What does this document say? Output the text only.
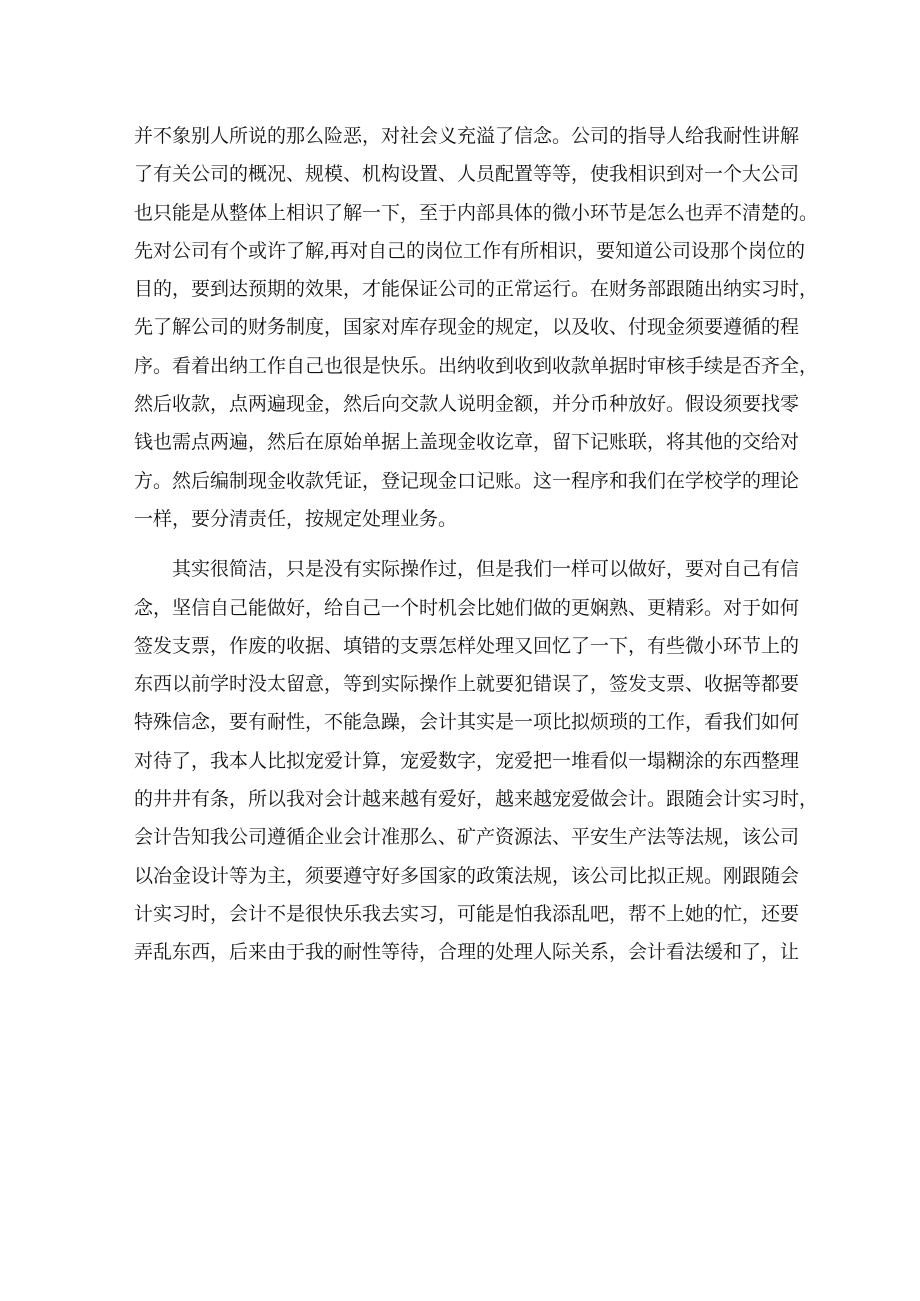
并不象别人所说的那么险恶，对社会义充溢了信念。公司的指导人给我耐性讲解
了有关公司的概况、规模、机构设置、人员配置等等，使我相识到对一个大公司
也只能是从整体上相识了解一下，至于内部具体的微小环节是怎么也弄不清楚的。
先对公司有个或许了解,再对自己的岗位工作有所相识，要知道公司设那个岗位的
目的，要到达预期的效果，才能保证公司的正常运行。在财务部跟随出纳实习时，
先了解公司的财务制度，国家对库存现金的规定，以及收、付现金须要遵循的程
序。看着出纳工作自己也很是快乐。出纳收到收到收款单据时审核手续是否齐全，
然后收款，点两遍现金，然后向交款人说明金额，并分币种放好。假设须要找零
钱也需点两遍，然后在原始单据上盖现金收讫章，留下记账联，将其他的交给对
方。然后编制现金收款凭证，登记现金口记账。这一程序和我们在学校学的理论
一样，要分清责任，按规定处理业务。
其实很简洁，只是没有实际操作过，但是我们一样可以做好，要对自己有信
念，坚信自己能做好，给自己一个时机会比她们做的更娴熟、更精彩。对于如何
签发支票，作废的收据、填错的支票怎样处理又回忆了一下，有些微小环节上的
东西以前学时没太留意，等到实际操作上就要犯错误了，签发支票、收据等都要
特殊信念，要有耐性，不能急躁，会计其实是一项比拟烦琐的工作，看我们如何
对待了，我本人比拟宠爱计算，宠爱数字，宠爱把一堆看似一塌糊涂的东西整理
的井井有条，所以我对会计越来越有爱好，越来越宠爱做会计。跟随会计实习时，
会计告知我公司遵循企业会计准那么、矿产资源法、平安生产法等法规，该公司
以冶金设计等为主，须要遵守好多国家的政策法规，该公司比拟正规。刚跟随会
计实习时，会计不是很快乐我去实习，可能是怕我添乱吧，帮不上她的忙，还要
弄乱东西，后来由于我的耐性等待，合理的处理人际关系，会计看法缓和了，让
